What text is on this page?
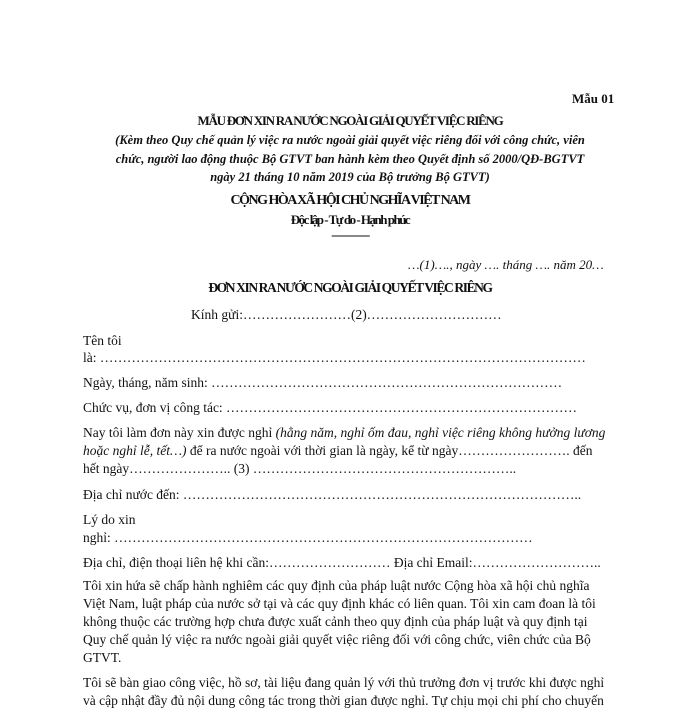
Mẫu 01
MẪU ĐƠN XIN RA NƯỚC NGOÀI GIẢI QUYẾT VIỆC RIÊNG
(Kèm theo Quy chế quản lý việc ra nước ngoài giải quyết việc riêng đối với công chức, viên
chức, người lao động thuộc Bộ GTVT ban hành kèm theo Quyết định số 2000/QĐ-BGTVT
ngày 21 tháng 10 năm 2019 của Bộ trưởng Bộ GTVT)
CỘNG HÒA XÃ HỘI CHỦ NGHĨA VIỆT NAM
Độc lập - Tự do - Hạnh phúc
---------------
…(1)…., ngày …. tháng …. năm 20…
ĐƠN XIN RA NƯỚC NGOÀI GIẢI QUYẾT VIỆC RIÊNG
Kính gửi:……………………(2)…………………………
Tên tôi
là: ………………………………………………………………………………………………
Ngày, tháng, năm sinh: ……………………………………………………………………
Chức vụ, đơn vị công tác: ……………………………………………………………………
Nay tôi làm đơn này xin được nghỉ (hằng năm, nghỉ ốm đau, nghỉ việc riêng không hưởng lương
hoặc nghỉ lễ, tết…) để ra nước ngoài với thời gian là ngày, kể từ ngày……………………. đến
hết ngày………………….. (3) …………………………………………………..
Địa chỉ nước đến: ……………………………………………………………………………..
Lý do xin
nghỉ: …………………………………………………………………………………
Địa chỉ, điện thoại liên hệ khi cần:……………………… Địa chỉ Email:………………………..
Tôi xin hứa sẽ chấp hành nghiêm các quy định của pháp luật nước Cộng hòa xã hội chủ nghĩa
Việt Nam, luật pháp của nước sở tại và các quy định khác có liên quan. Tôi xin cam đoan là tôi
không thuộc các trường hợp chưa được xuất cảnh theo quy định của pháp luật và quy định tại
Quy chế quản lý việc ra nước ngoài giải quyết việc riêng đối với công chức, viên chức của Bộ
GTVT.
Tôi sẽ bàn giao công việc, hồ sơ, tài liệu đang quản lý với thủ trưởng đơn vị trước khi được nghỉ
và cập nhật đầy đủ nội dung công tác trong thời gian được nghỉ. Tự chịu mọi chi phí cho chuyến
